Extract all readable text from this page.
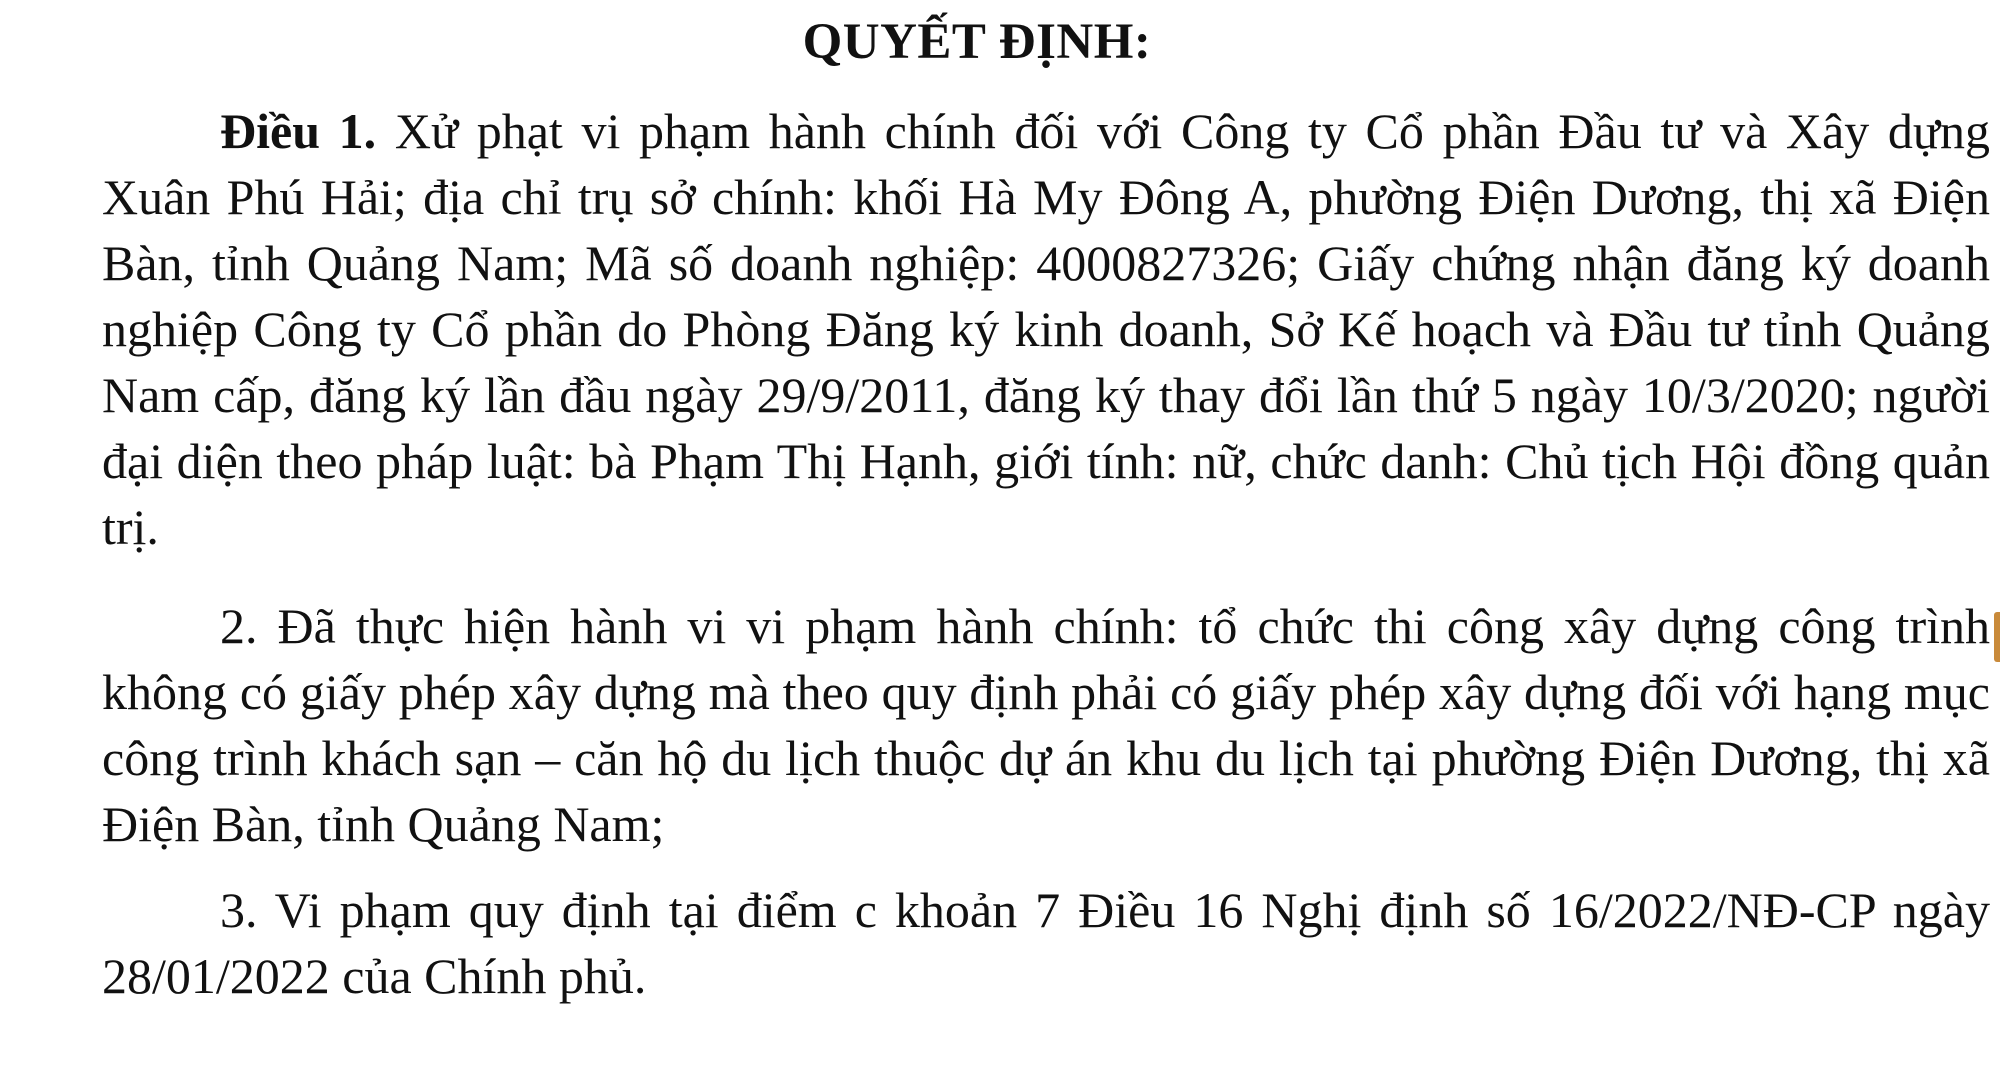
QUYẾT ĐỊNH:
Điều 1. Xử phạt vi phạm hành chính đối với Công ty Cổ phần Đầu tư và Xây dựng Xuân Phú Hải; địa chỉ trụ sở chính: khối Hà My Đông A, phường Điện Dương, thị xã Điện Bàn, tỉnh Quảng Nam; Mã số doanh nghiệp: 4000827326; Giấy chứng nhận đăng ký doanh nghiệp Công ty Cổ phần do Phòng Đăng ký kinh doanh, Sở Kế hoạch và Đầu tư tỉnh Quảng Nam cấp, đăng ký lần đầu ngày 29/9/2011, đăng ký thay đổi lần thứ 5 ngày 10/3/2020; người đại diện theo pháp luật: bà Phạm Thị Hạnh, giới tính: nữ, chức danh: Chủ tịch Hội đồng quản trị.
2. Đã thực hiện hành vi vi phạm hành chính: tổ chức thi công xây dựng công trình không có giấy phép xây dựng mà theo quy định phải có giấy phép xây dựng đối với hạng mục công trình khách sạn – căn hộ du lịch thuộc dự án khu du lịch tại phường Điện Dương, thị xã Điện Bàn, tỉnh Quảng Nam;
3. Vi phạm quy định tại điểm c khoản 7 Điều 16 Nghị định số 16/2022/NĐ-CP ngày 28/01/2022 của Chính phủ.
